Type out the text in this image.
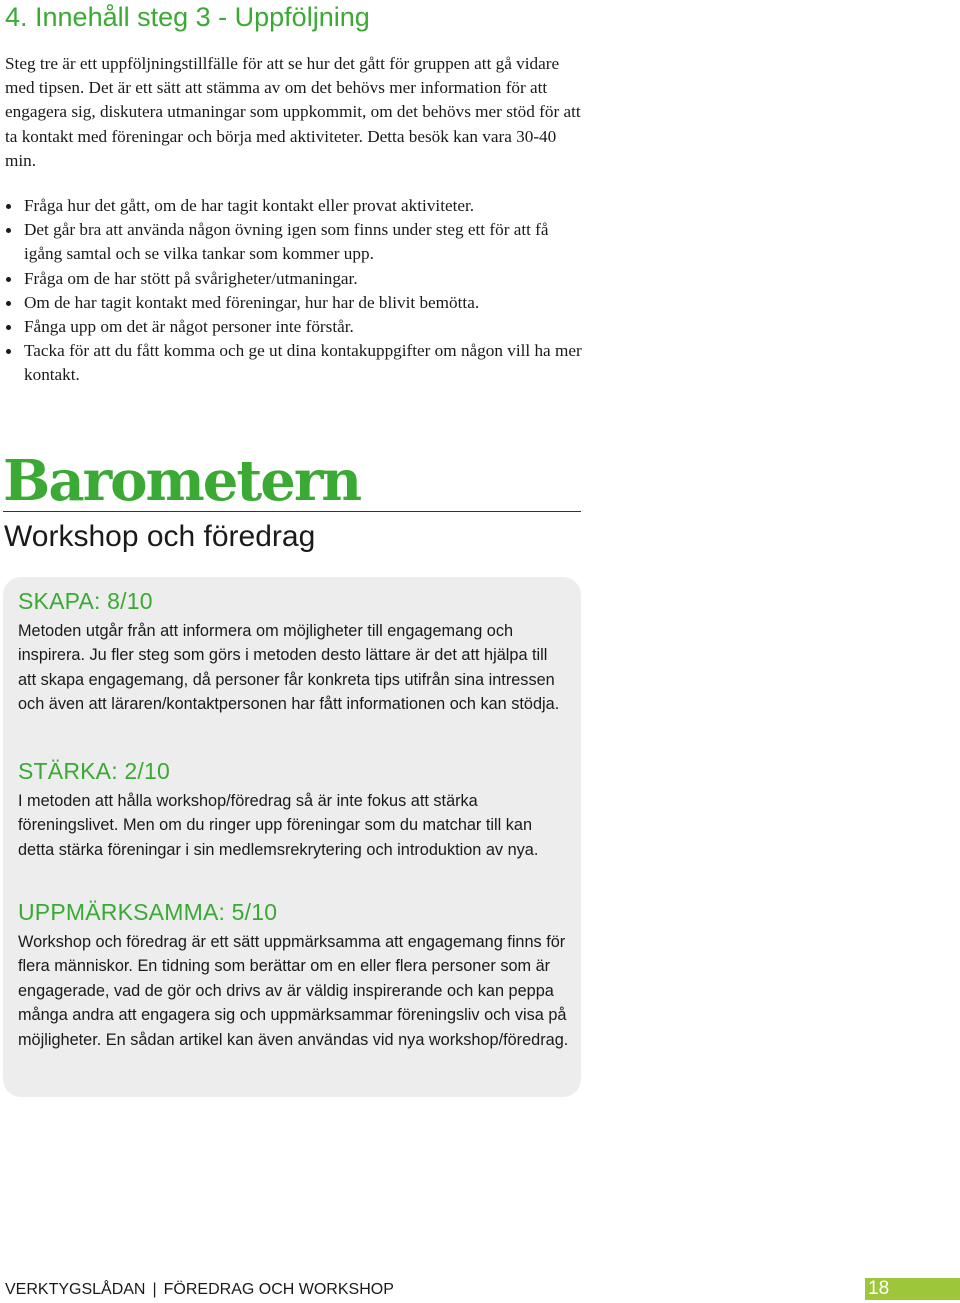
4. Innehåll steg 3 - Uppföljning

Steg tre är ett uppföljningstillfälle för att se hur det gått för gruppen att gå vidare med tipsen. Det är ett sätt att stämma av om det behövs mer information för att engagera sig, diskutera utmaningar som uppkommit, om det behövs mer stöd för att ta kontakt med föreningar och börja med aktiviteter. Detta besök kan vara 30-40 min.

Fråga hur det gått, om de har tagit kontakt eller provat aktiviteter.
Det går bra att använda någon övning igen som finns under steg ett för att få igång samtal och se vilka tankar som kommer upp.
Fråga om de har stött på svårigheter/utmaningar.
Om de har tagit kontakt med föreningar, hur har de blivit bemötta.
Fånga upp om det är något personer inte förstår.
Tacka för att du fått komma och ge ut dina kontakuppgifter om någon vill ha mer kontakt.
Barometern
Workshop och föredrag
SKAPA: 8/10

Metoden utgår från att informera om möjligheter till engagemang och inspirera. Ju fler steg som görs i metoden desto lättare är det att hjälpa till att skapa engagemang, då personer får konkreta tips utifrån sina intressen och även att läraren/kontaktpersonen har fått informationen och kan stödja.

STÄRKA: 2/10

I metoden att hålla workshop/föredrag så är inte fokus att stärka föreningslivet. Men om du ringer upp föreningar som du matchar till kan detta stärka föreningar i sin medlemsrekrytering och introduktion av nya.

UPPMÄRKSAMMA: 5/10

Workshop och föredrag är ett sätt uppmärksamma att engagemang finns för flera människor. En tidning som berättar om en eller flera personer som är engagerade, vad de gör och drivs av är väldig inspirerande och kan peppa många andra att engagera sig och uppmärksammar föreningsliv och visa på möjligheter. En sådan artikel kan även användas vid nya workshop/föredrag.

VERKTYGSLÅDAN | FÖREDRAG OCH WORKSHOP	18
